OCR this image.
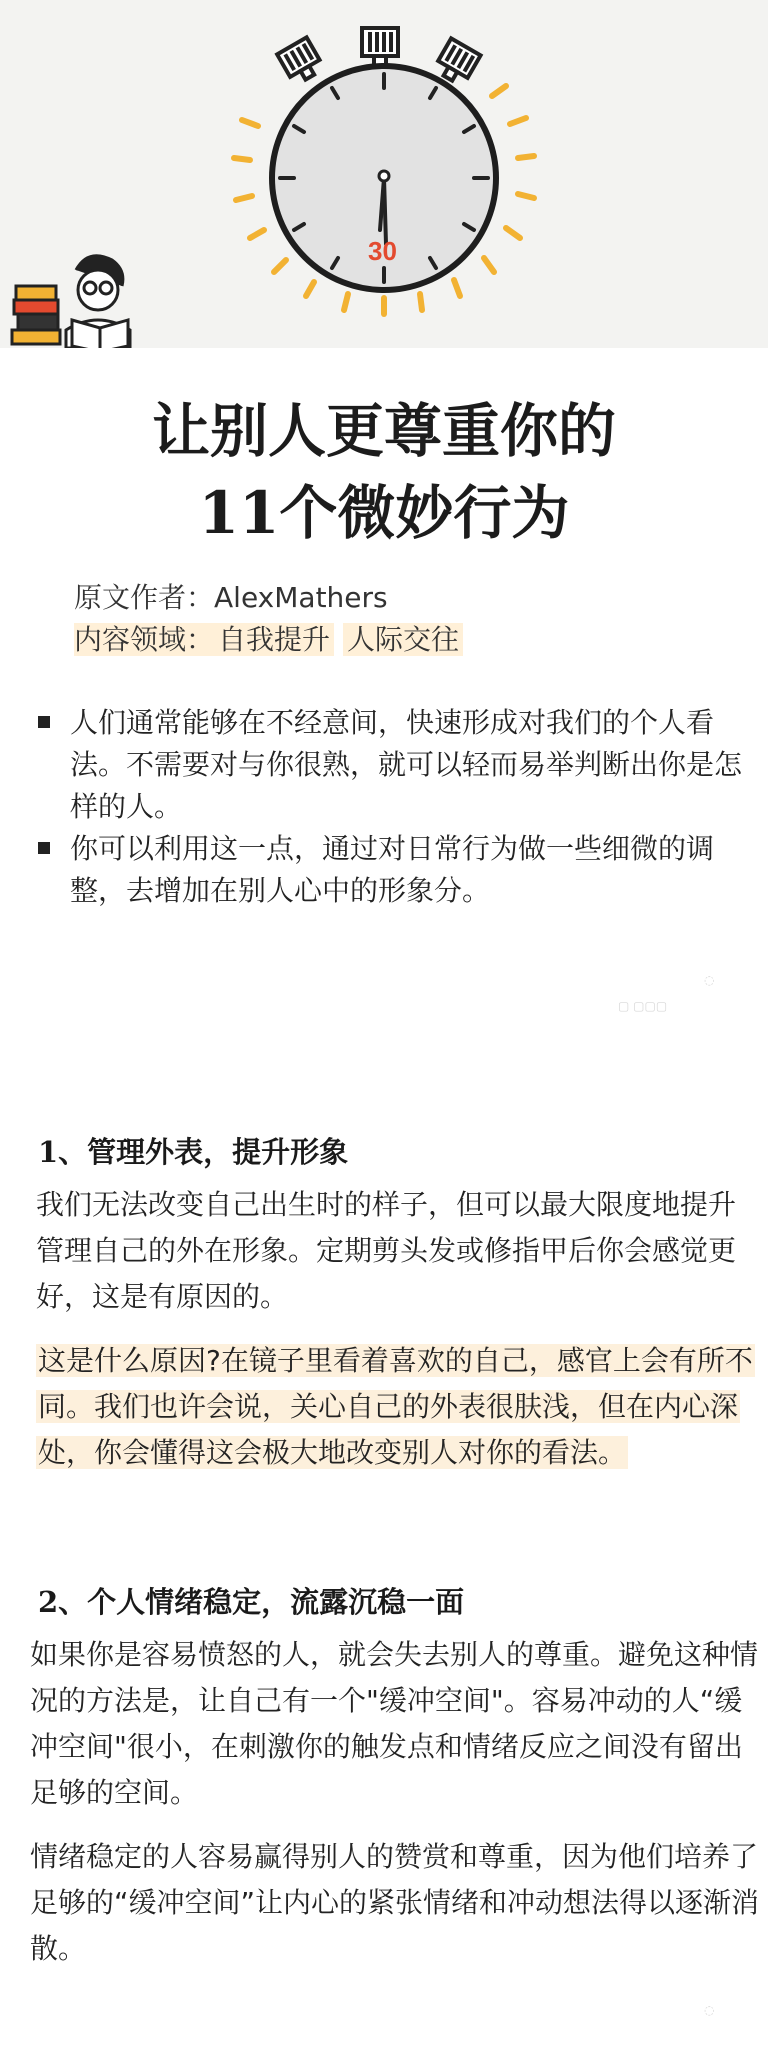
30
让别人更尊重你的
11个微妙行为
原文作者：AlexMathers
内容领域： 自我提升 人际交往
人们通常能够在不经意间，快速形成对我们的个人看法。不需要对与你很熟，就可以轻而易举判断出你是怎样的人。
你可以利用这一点，通过对日常行为做一些细微的调整，去增加在别人心中的形象分。
◌
▢ ▢▢▢
1、管理外表，提升形象
我们无法改变自己出生时的样子，但可以最大限度地提升管理自己的外在形象。定期剪头发或修指甲后你会感觉更好，这是有原因的。
这是什么原因?在镜子里看着喜欢的自己，感官上会有所不同。我们也许会说，关心自己的外表很肤浅，但在内心深处，你会懂得这会极大地改变别人对你的看法。
2、个人情绪稳定，流露沉稳一面
如果你是容易愤怒的人，就会失去别人的尊重。避免这种情况的方法是，让自己有一个"缓冲空间"。容易冲动的人“缓冲空间"很小，在刺激你的触发点和情绪反应之间没有留出足够的空间。
情绪稳定的人容易赢得别人的赞赏和尊重，因为他们培养了足够的“缓冲空间”让内心的紧张情绪和冲动想法得以逐渐消散。
◌
